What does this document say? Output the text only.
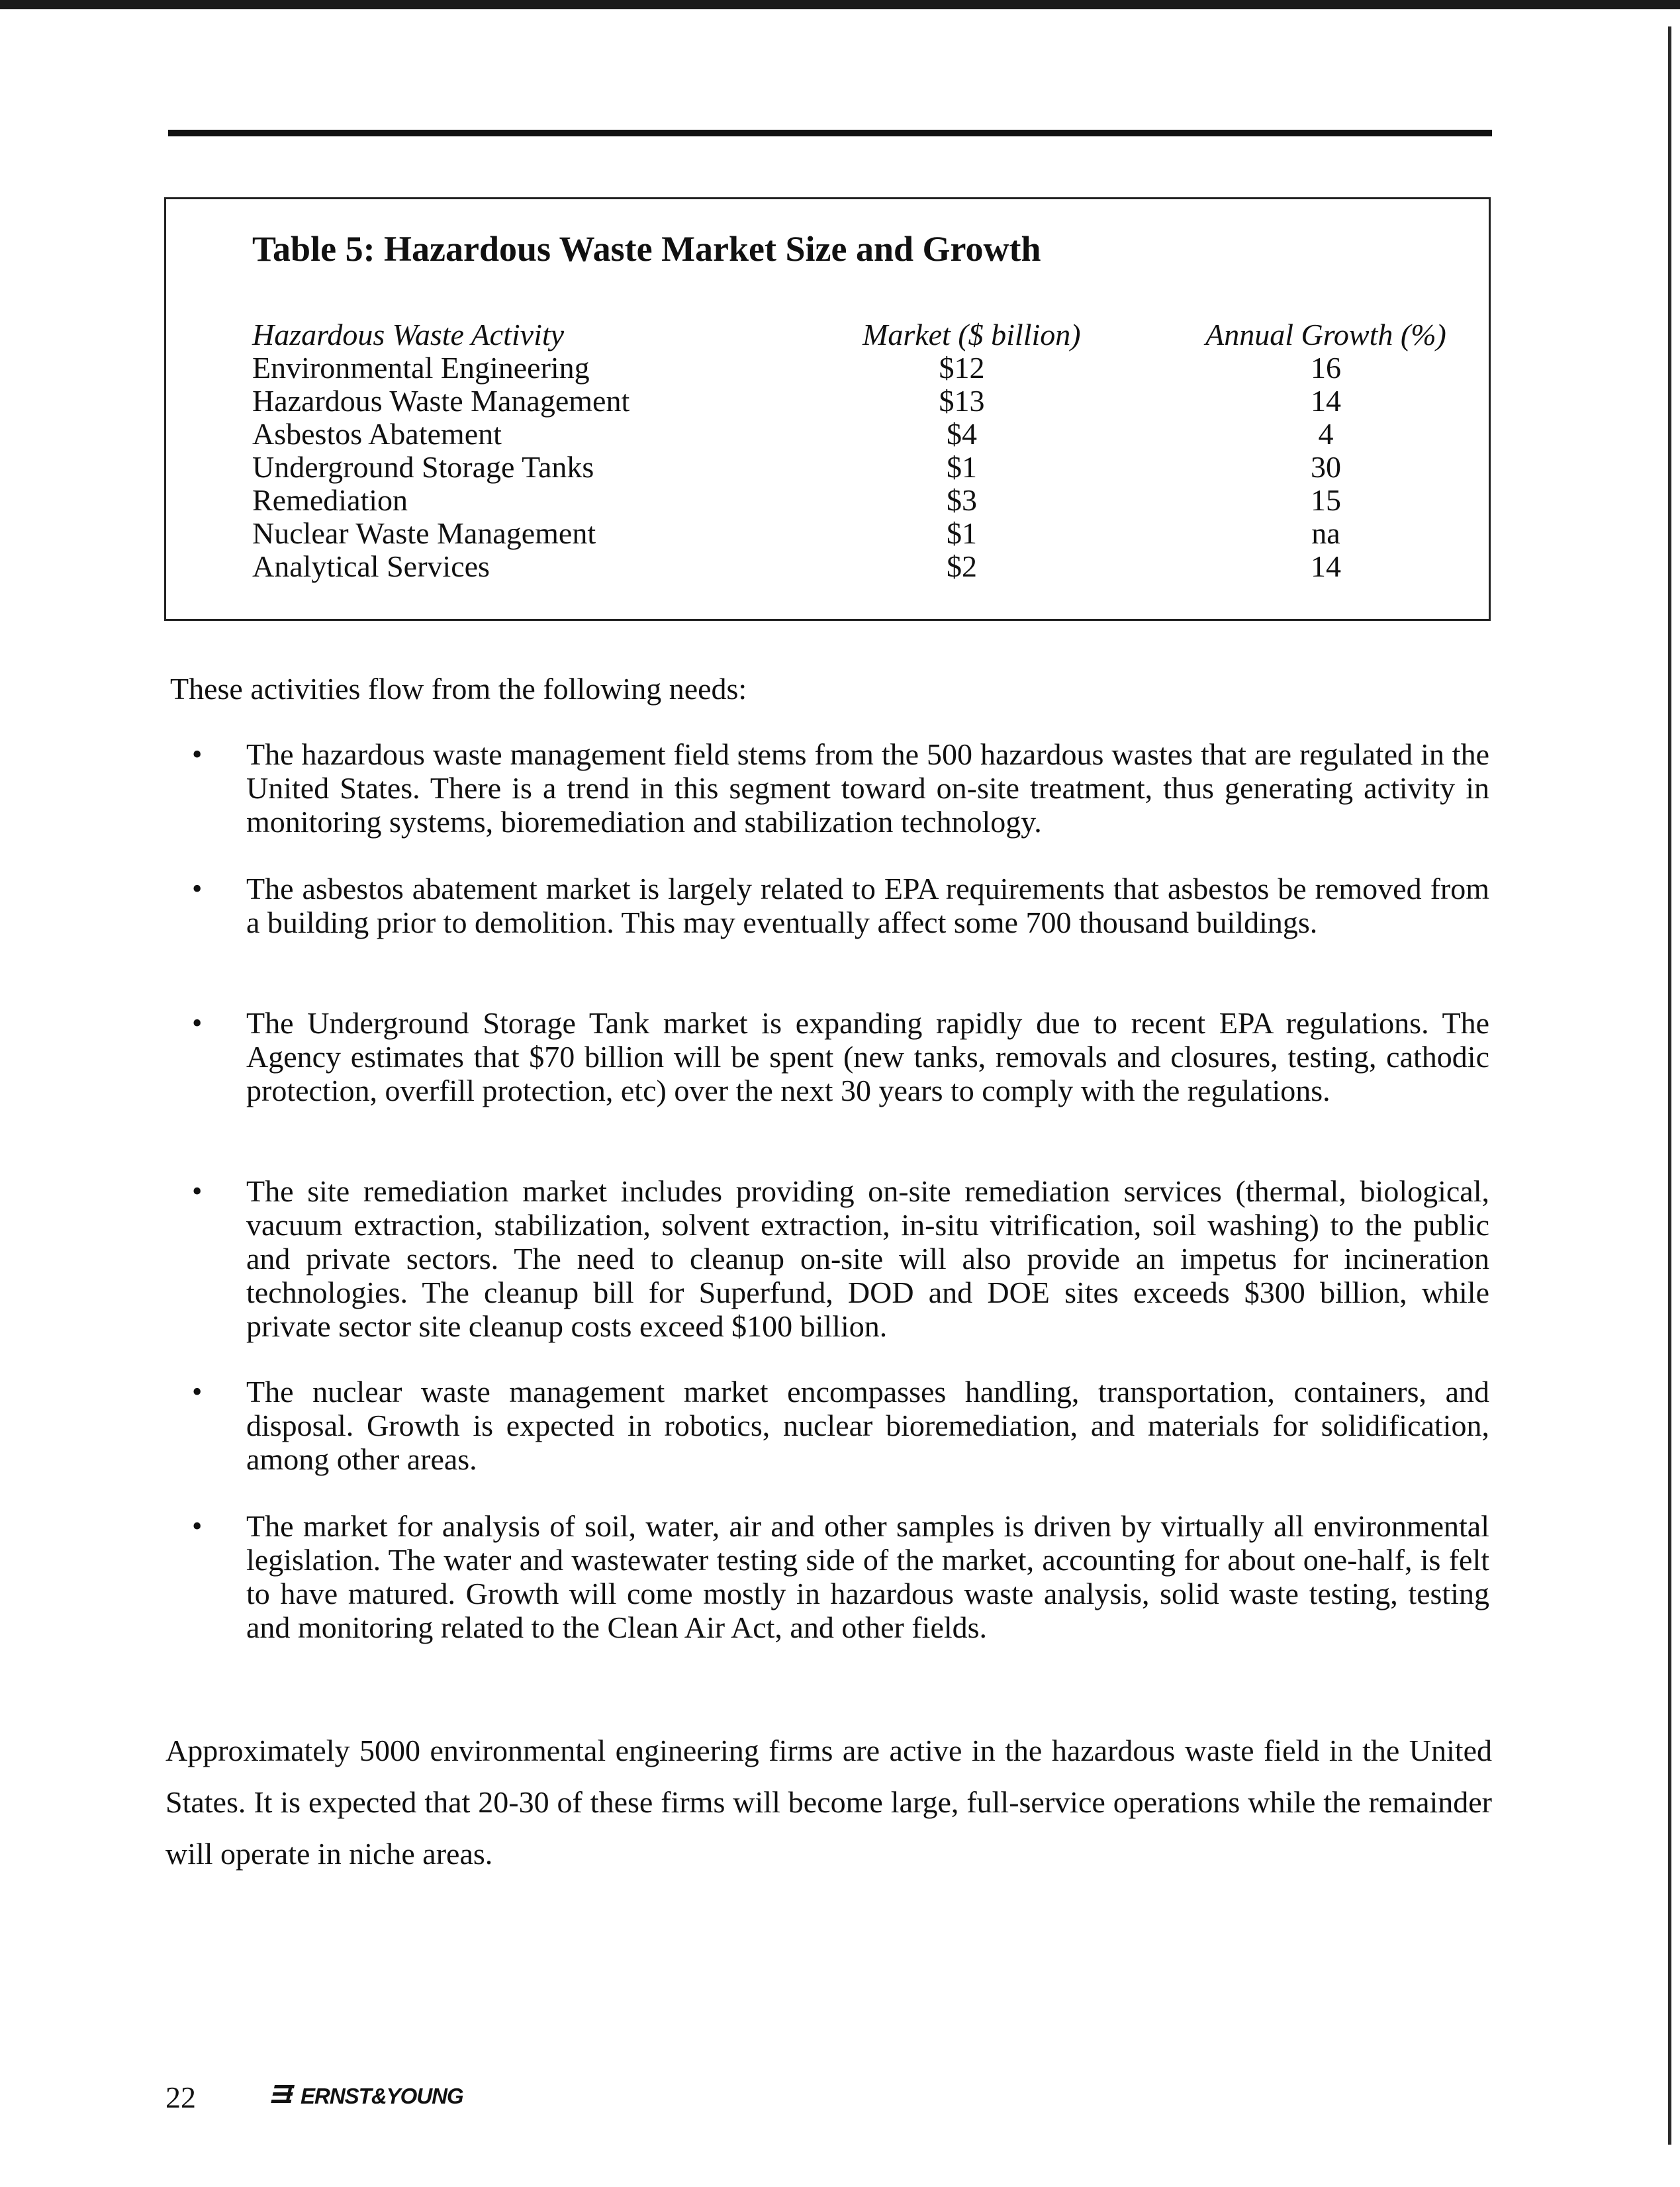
Table 5: Hazardous Waste Market Size and Growth
Hazardous Waste Activity	Market ($ billion)	Annual Growth (%)
Environmental Engineering	$12	16
Hazardous Waste Management	$13	14
Asbestos Abatement	$4	4
Underground Storage Tanks	$1	30
Remediation	$3	15
Nuclear Waste Management	$1	na
Analytical Services	$2	14

These activities flow from the following needs:

• The hazardous waste management field stems from the 500 hazardous wastes that are regulated in the United States. There is a trend in this segment toward on-site treatment, thus generating activity in monitoring systems, bioremediation and stabilization technology.

• The asbestos abatement market is largely related to EPA requirements that asbestos be removed from a building prior to demolition. This may eventually affect some 700 thousand buildings.

• The Underground Storage Tank market is expanding rapidly due to recent EPA regulations. The Agency estimates that $70 billion will be spent (new tanks, removals and closures, testing, cathodic protection, overfill protection, etc) over the next 30 years to comply with the regulations.

• The site remediation market includes providing on-site remediation services (thermal, biological, vacuum extraction, stabilization, solvent extraction, in-situ vitrification, soil washing) to the public and private sectors. The need to cleanup on-site will also provide an impetus for incineration technologies. The cleanup bill for Superfund, DOD and DOE sites exceeds $300 billion, while private sector site cleanup costs exceed $100 billion.

• The nuclear waste management market encompasses handling, transportation, containers, and disposal. Growth is expected in robotics, nuclear bioremediation, and materials for solidification, among other areas.

• The market for analysis of soil, water, air and other samples is driven by virtually all environmental legislation. The water and wastewater testing side of the market, accounting for about one-half, is felt to have matured. Growth will come mostly in hazardous waste analysis, solid waste testing, testing and monitoring related to the Clean Air Act, and other fields.

Approximately 5000 environmental engineering firms are active in the hazardous waste field in the United States. It is expected that 20-30 of these firms will become large, full-service operations while the remainder will operate in niche areas.

22	ERNST&YOUNG
